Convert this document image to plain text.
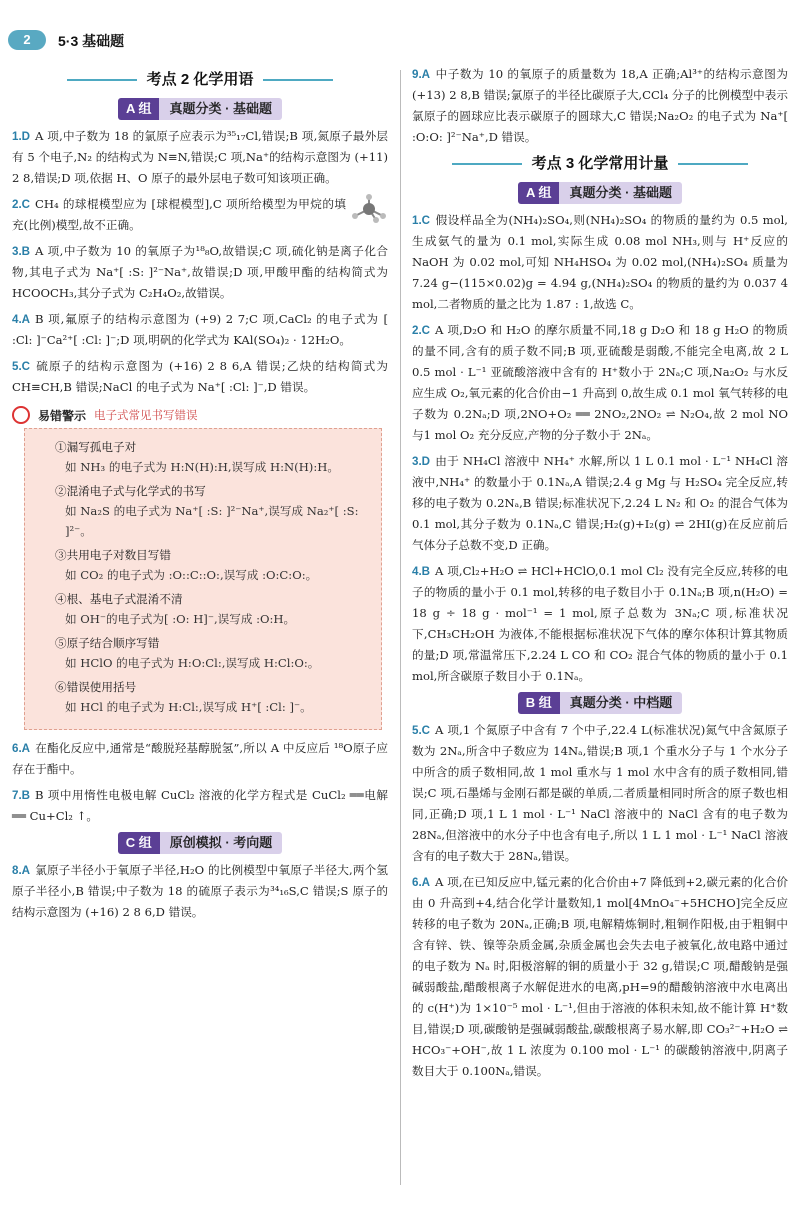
2	5·3 基础题
考点 2 化学用语
A 组	真题分类 · 基础题

1.D A 项,中子数为 18 的氯原子应表示为³⁵₁₇Cl,错误;B 项,氮原子最外层有 5 个电子,N₂ 的结构式为 N≡N,错误;C 项,Na⁺的结构示意图为 (+11) 2 8,错误;D 项,依据 H、O 原子的最外层电子数可知该项正确。

2.C CH₄ 的球棍模型应为 [球棍模型],C 项所给模型为甲烷的填充(比例)模型,故不正确。

3.B A 项,中子数为 10 的氧原子为¹⁸₈O,故错误;C 项,硫化钠是离子化合物,其电子式为 Na⁺[ :S: ]²⁻Na⁺,故错误;D 项,甲酸甲酯的结构简式为 HCOOCH₃,其分子式为 C₂H₄O₂,故错误。

4.A B 项,氟原子的结构示意图为 (+9) 2 7;C 项,CaCl₂ 的电子式为 [ :Cl: ]⁻Ca²⁺[ :Cl: ]⁻;D 项,明矾的化学式为 KAl(SO₄)₂ · 12H₂O。

5.C 硫原子的结构示意图为 (+16) 2 8 6,A 错误;乙炔的结构简式为 CH≡CH,B 错误;NaCl 的电子式为 Na⁺[ :Cl: ]⁻,D 错误。

易错警示 电子式常见书写错误
①漏写孤电子对
如 NH₃ 的电子式为 H:N(H):H,误写成 H:N(H):H。
②混淆电子式与化学式的书写
如 Na₂S 的电子式为 Na⁺[ :S: ]²⁻Na⁺,误写成 Na₂⁺[ :S: ]²⁻。
③共用电子对数目写错
如 CO₂ 的电子式为 :O::C::O:,误写成 :O:C:O:。
④根、基电子式混淆不清
如 OH⁻的电子式为[ :O: H]⁻,误写成 :O:H。
⑤原子结合顺序写错
如 HClO 的电子式为 H:O:Cl:,误写成 H:Cl:O:。
⑥错误使用括号
如 HCl 的电子式为 H:Cl:,误写成 H⁺[ :Cl: ]⁻。

6.A 在酯化反应中,通常是“酸脱羟基醇脱氢”,所以 A 中反应后 ¹⁸O原子应存在于酯中。

7.B B 项中用惰性电极电解 CuCl₂ 溶液的化学方程式是 CuCl₂ ══电解══ Cu+Cl₂ ↑。

C 组	原创模拟 · 考向题

8.A 氯原子半径小于氧原子半径,H₂O 的比例模型中氧原子半径大,两个氢原子半径小,B 错误;中子数为 18 的硫原子表示为³⁴₁₆S,C 错误;S 原子的结构示意图为 (+16) 2 8 6,D 错误。

9.A 中子数为 10 的氧原子的质量数为 18,A 正确;Al³⁺的结构示意图为 (+13) 2 8,B 错误;氯原子的半径比碳原子大,CCl₄ 分子的比例模型中表示氯原子的圆球应比表示碳原子的圆球大,C 错误;Na₂O₂ 的电子式为 Na⁺[ :O:O: ]²⁻Na⁺,D 错误。

考点 3 化学常用计量
A 组	真题分类 · 基础题

1.C 假设样品全为(NH₄)₂SO₄,则(NH₄)₂SO₄ 的物质的量约为 0.5 mol,生成氨气的量为 0.1 mol,实际生成 0.08 mol NH₃,则与 H⁺反应的 NaOH 为 0.02 mol,可知 NH₄HSO₄ 为 0.02 mol,(NH₄)₂SO₄ 质量为 7.24 g−(115×0.02)g = 4.94 g,(NH₄)₂SO₄ 的物质的量约为 0.037 4 mol,二者物质的量之比为 1.87 : 1,故选 C。

2.C A 项,D₂O 和 H₂O 的摩尔质量不同,18 g D₂O 和 18 g H₂O 的物质的量不同,含有的质子数不同;B 项,亚硫酸是弱酸,不能完全电离,故 2 L 0.5 mol · L⁻¹ 亚硫酸溶液中含有的 H⁺数小于 2Nₐ;C 项,Na₂O₂ 与水反应生成 O₂,氧元素的化合价由−1 升高到 0,故生成 0.1 mol 氧气转移的电子数为 0.2Nₐ;D 项,2NO+O₂ ══ 2NO₂,2NO₂ ⇌ N₂O₄,故 2 mol NO 与1 mol O₂ 充分反应,产物的分子数小于 2Nₐ。

3.D 由于 NH₄Cl 溶液中 NH₄⁺ 水解,所以 1 L 0.1 mol · L⁻¹ NH₄Cl 溶液中,NH₄⁺ 的数量小于 0.1Nₐ,A 错误;2.4 g Mg 与 H₂SO₄ 完全反应,转移的电子数为 0.2Nₐ,B 错误;标准状况下,2.24 L N₂ 和 O₂ 的混合气体为 0.1 mol,其分子数为 0.1Nₐ,C 错误;H₂(g)+I₂(g) ⇌ 2HI(g)在反应前后气体分子总数不变,D 正确。

4.B A 项,Cl₂+H₂O ⇌ HCl+HClO,0.1 mol Cl₂ 没有完全反应,转移的电子的物质的量小于 0.1 mol,转移的电子数目小于 0.1Nₐ;B 项,n(H₂O) = 18 g ÷ 18 g · mol⁻¹ = 1 mol,原子总数为 3Nₐ;C 项,标准状况下,CH₃CH₂OH 为液体,不能根据标准状况下气体的摩尔体积计算其物质的量;D 项,常温常压下,2.24 L CO 和 CO₂ 混合气体的物质的量小于 0.1 mol,所含碳原子数目小于 0.1Nₐ。

B 组	真题分类 · 中档题

5.C A 项,1 个氮原子中含有 7 个中子,22.4 L(标准状况)氮气中含氮原子数为 2Nₐ,所含中子数应为 14Nₐ,错误;B 项,1 个重水分子与 1 个水分子中所含的质子数相同,故 1 mol 重水与 1 mol 水中含有的质子数相同,错误;C 项,石墨烯与金刚石都是碳的单质,二者质量相同时所含的原子数也相同,正确;D 项,1 L 1 mol · L⁻¹ NaCl 溶液中的 NaCl 含有的电子数为 28Nₐ,但溶液中的水分子中也含有电子,所以 1 L 1 mol · L⁻¹ NaCl 溶液含有的电子数大于 28Nₐ,错误。

6.A A 项,在已知反应中,锰元素的化合价由+7 降低到+2,碳元素的化合价由 0 升高到+4,结合化学计量数知,1 mol[4MnO₄⁻+5HCHO]完全反应转移的电子数为 20Nₐ,正确;B 项,电解精炼铜时,粗铜作阳极,由于粗铜中含有锌、铁、镍等杂质金属,杂质金属也会失去电子被氧化,故电路中通过的电子数为 Nₐ 时,阳极溶解的铜的质量小于 32 g,错误;C 项,醋酸钠是强碱弱酸盐,醋酸根离子水解促进水的电离,pH=9的醋酸钠溶液中水电离出的 c(H⁺)为 1×10⁻⁵ mol · L⁻¹,但由于溶液的体积未知,故不能计算 H⁺数目,错误;D 项,碳酸钠是强碱弱酸盐,碳酸根离子易水解,即 CO₃²⁻+H₂O ⇌ HCO₃⁻+OH⁻,故 1 L 浓度为 0.100 mol · L⁻¹ 的碳酸钠溶液中,阴离子数目大于 0.100Nₐ,错误。
